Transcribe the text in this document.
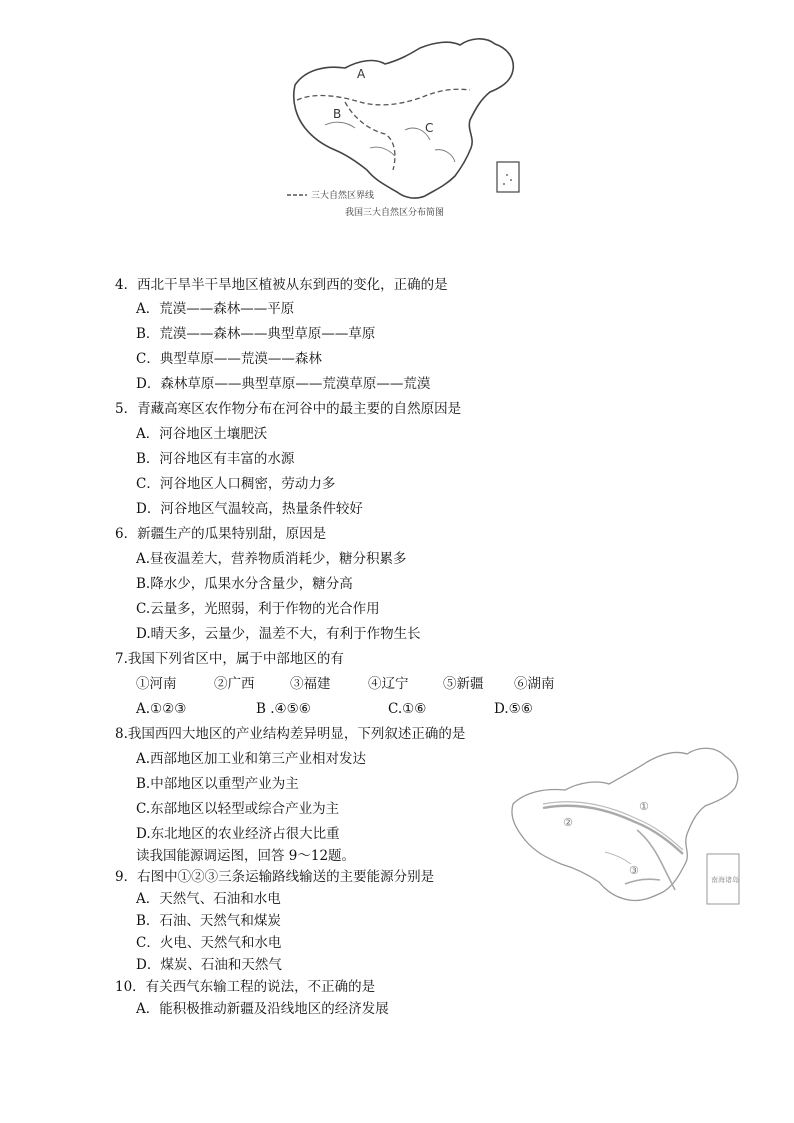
A
B
C
三大自然区界线
我国三大自然区分布简图
4．西北干旱半干旱地区植被从东到西的变化，正确的是
A．荒漠——森林——平原
B．荒漠——森林——典型草原——草原
C．典型草原——荒漠——森林
D．森林草原——典型草原——荒漠草原——荒漠
5．青藏高寒区农作物分布在河谷中的最主要的自然原因是
A．河谷地区土壤肥沃
B．河谷地区有丰富的水源
C．河谷地区人口稠密，劳动力多
D．河谷地区气温较高，热量条件较好
6．新疆生产的瓜果特别甜，原因是
A.昼夜温差大，营养物质消耗少，糖分积累多
B.降水少，瓜果水分含量少，糖分高
C.云量多，光照弱，利于作物的光合作用
D.晴天多，云量少，温差不大，有利于作物生长
7.我国下列省区中，属于中部地区的有
①河南	②广西	③福建	④辽宁	⑤新疆 ⑥湖南
A.①②③	B .④⑤⑥	C.①⑥	D.⑤⑥
8.我国西四大地区的产业结构差异明显，下列叙述正确的是
A.西部地区加工业和第三产业相对发达
B.中部地区以重型产业为主
C.东部地区以轻型或综合产业为主
D.东北地区的农业经济占很大比重
读我国能源调运图，回答 9～12题。
9．右图中①②③三条运输路线输送的主要能源分别是
A．天然气、石油和水电
B．石油、天然气和煤炭
C．火电、天然气和水电
D．煤炭、石油和天然气
10．有关西气东输工程的说法，不正确的是
A．能积极推动新疆及沿线地区的经济发展
①
②
③
南海诸岛
